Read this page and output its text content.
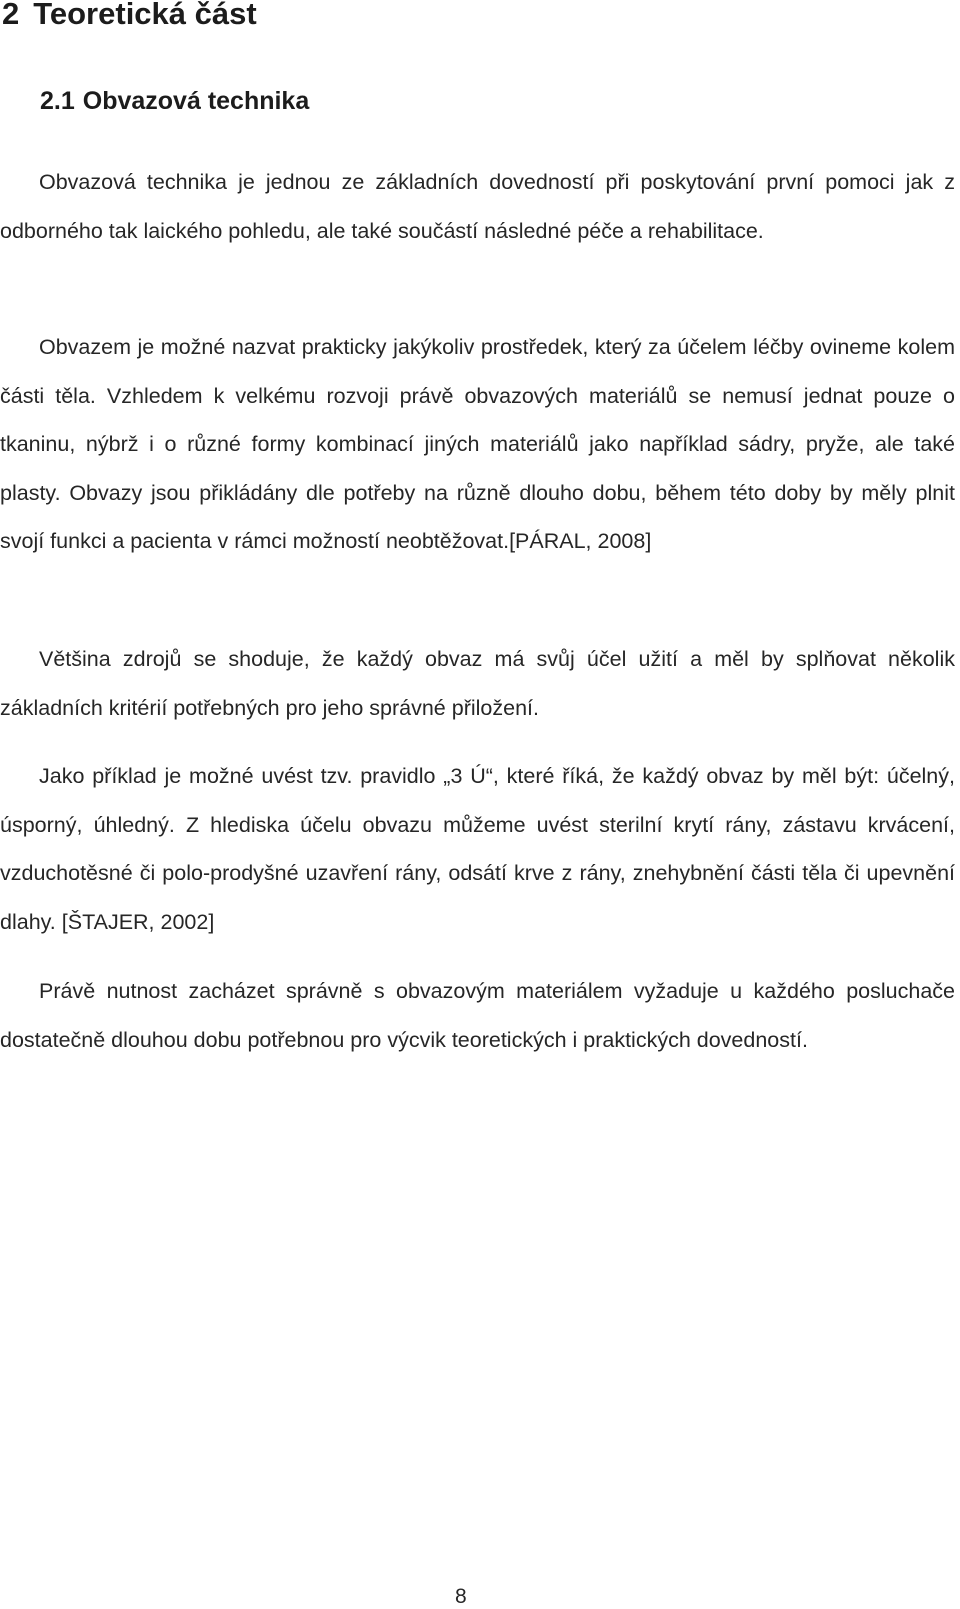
2 Teoretická část
2.1 Obvazová technika

Obvazová technika je jednou ze základních dovedností při poskytování první pomoci jak z odborného tak laického pohledu, ale také součástí následné péče a rehabilitace.

Obvazem je možné nazvat prakticky jakýkoliv prostředek, který za účelem léčby ovineme kolem části těla. Vzhledem k velkému rozvoji právě obvazových materiálů se nemusí jednat pouze o tkaninu, nýbrž i o různé formy kombinací jiných materiálů jako například sádry, pryže, ale také plasty. Obvazy jsou přikládány dle potřeby na různě dlouho dobu, během této doby by měly plnit svojí funkci a pacienta v rámci možností neobtěžovat.[PÁRAL, 2008]

Většina zdrojů se shoduje, že každý obvaz má svůj účel užití a měl by splňovat několik základních kritérií potřebných pro jeho správné přiložení.

Jako příklad je možné uvést tzv. pravidlo „3 Ú“, které říká, že každý obvaz by měl být: účelný, úsporný, úhledný. Z hlediska účelu obvazu můžeme uvést sterilní krytí rány, zástavu krvácení, vzduchotěsné či polo-prodyšné uzavření rány, odsátí krve z rány, znehybnění části těla či upevnění dlahy. [ŠTAJER, 2002]

Právě nutnost zacházet správně s obvazovým materiálem vyžaduje u každého posluchače dostatečně dlouhou dobu potřebnou pro výcvik teoretických i praktických dovedností.

8
